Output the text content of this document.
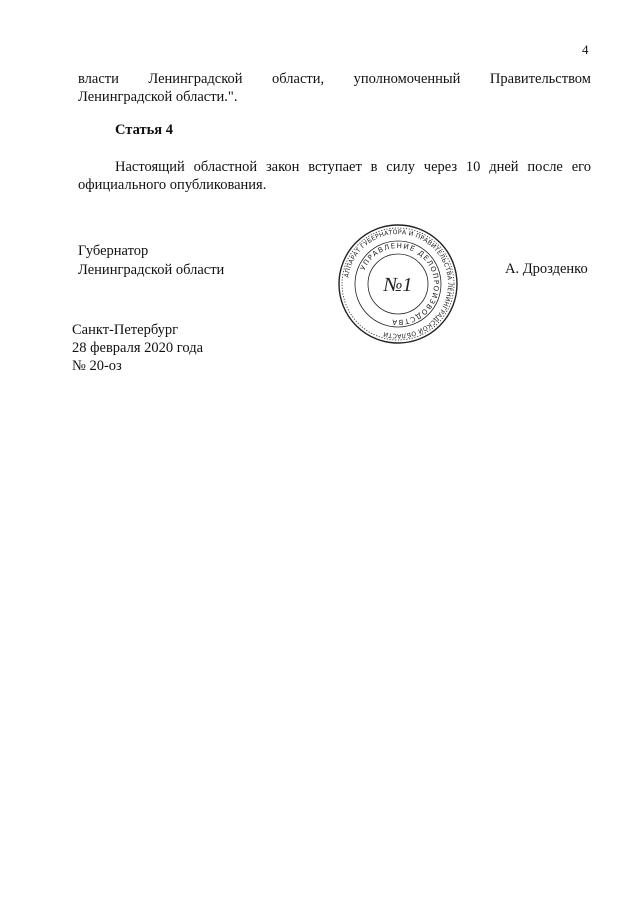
4
власти Ленинградской области, уполномоченный Правительством
Ленинградской области.".
Статья 4
Настоящий областной закон вступает в силу через 10 дней после его
официального опубликования.
Губернатор
Ленинградской области	А. Дрозденко
АППАРАТ ГУБЕРНАТОРА И ПРАВИТЕЛЬСТВА ЛЕНИНГРАДСКОЙ ОБЛАСТИ
УПРАВЛЕНИЕ ДЕЛОПРОИЗВОДСТВА
№1
Санкт-Петербург
28 февраля 2020 года
№ 20-оз
